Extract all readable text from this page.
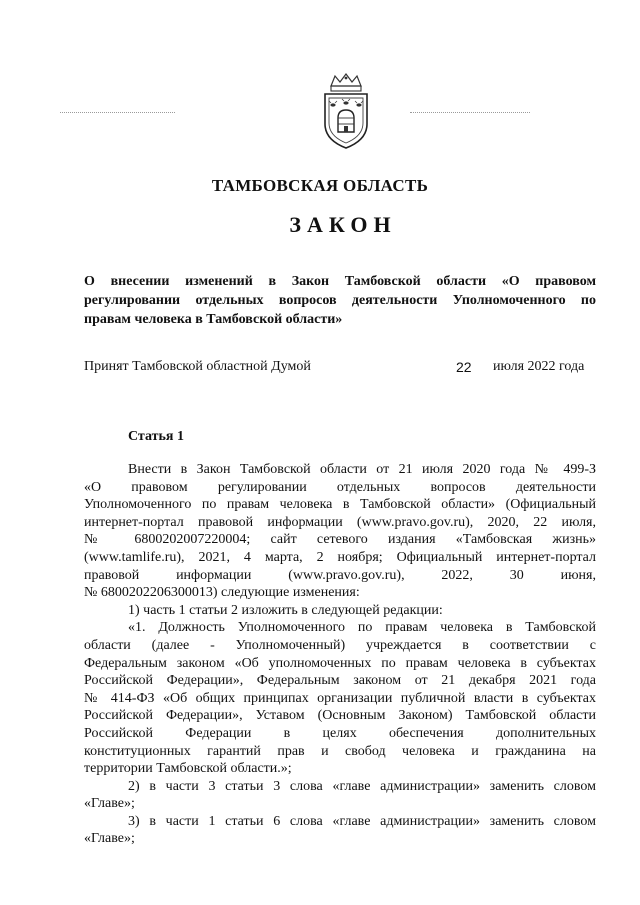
ТАМБОВСКАЯ ОБЛАСТЬ
ЗАКОН
О внесении изменений в Закон Тамбовской области «О правовом
регулировании отдельных вопросов деятельности Уполномоченного по
правам человека в Тамбовской области»
Принят Тамбовской областной Думой	22 июля 2022 года
Статья 1
Внести в Закон Тамбовской области от 21 июля 2020 года № 499-З
«О правовом регулировании отдельных вопросов деятельности
Уполномоченного по правам человека в Тамбовской области» (Официальный
интернет-портал правовой информации (www.pravo.gov.ru), 2020, 22 июля,
№ 6800202007220004; сайт сетевого издания «Тамбовская жизнь»
(www.tamlife.ru), 2021, 4 марта, 2 ноября; Официальный интернет-портал
правовой информации (www.pravo.gov.ru), 2022, 30 июня,
№ 6800202206300013) следующие изменения:
1) часть 1 статьи 2 изложить в следующей редакции:
«1. Должность Уполномоченного по правам человека в Тамбовской
области (далее - Уполномоченный) учреждается в соответствии с
Федеральным законом «Об уполномоченных по правам человека в субъектах
Российской Федерации», Федеральным законом от 21 декабря 2021 года
№ 414-ФЗ «Об общих принципах организации публичной власти в субъектах
Российской Федерации», Уставом (Основным Законом) Тамбовской области
Российской Федерации в целях обеспечения дополнительных
конституционных гарантий прав и свобод человека и гражданина на
территории Тамбовской области.»;
2) в части 3 статьи 3 слова «главе администрации» заменить словом
«Главе»;
3) в части 1 статьи 6 слова «главе администрации» заменить словом
«Главе»;
